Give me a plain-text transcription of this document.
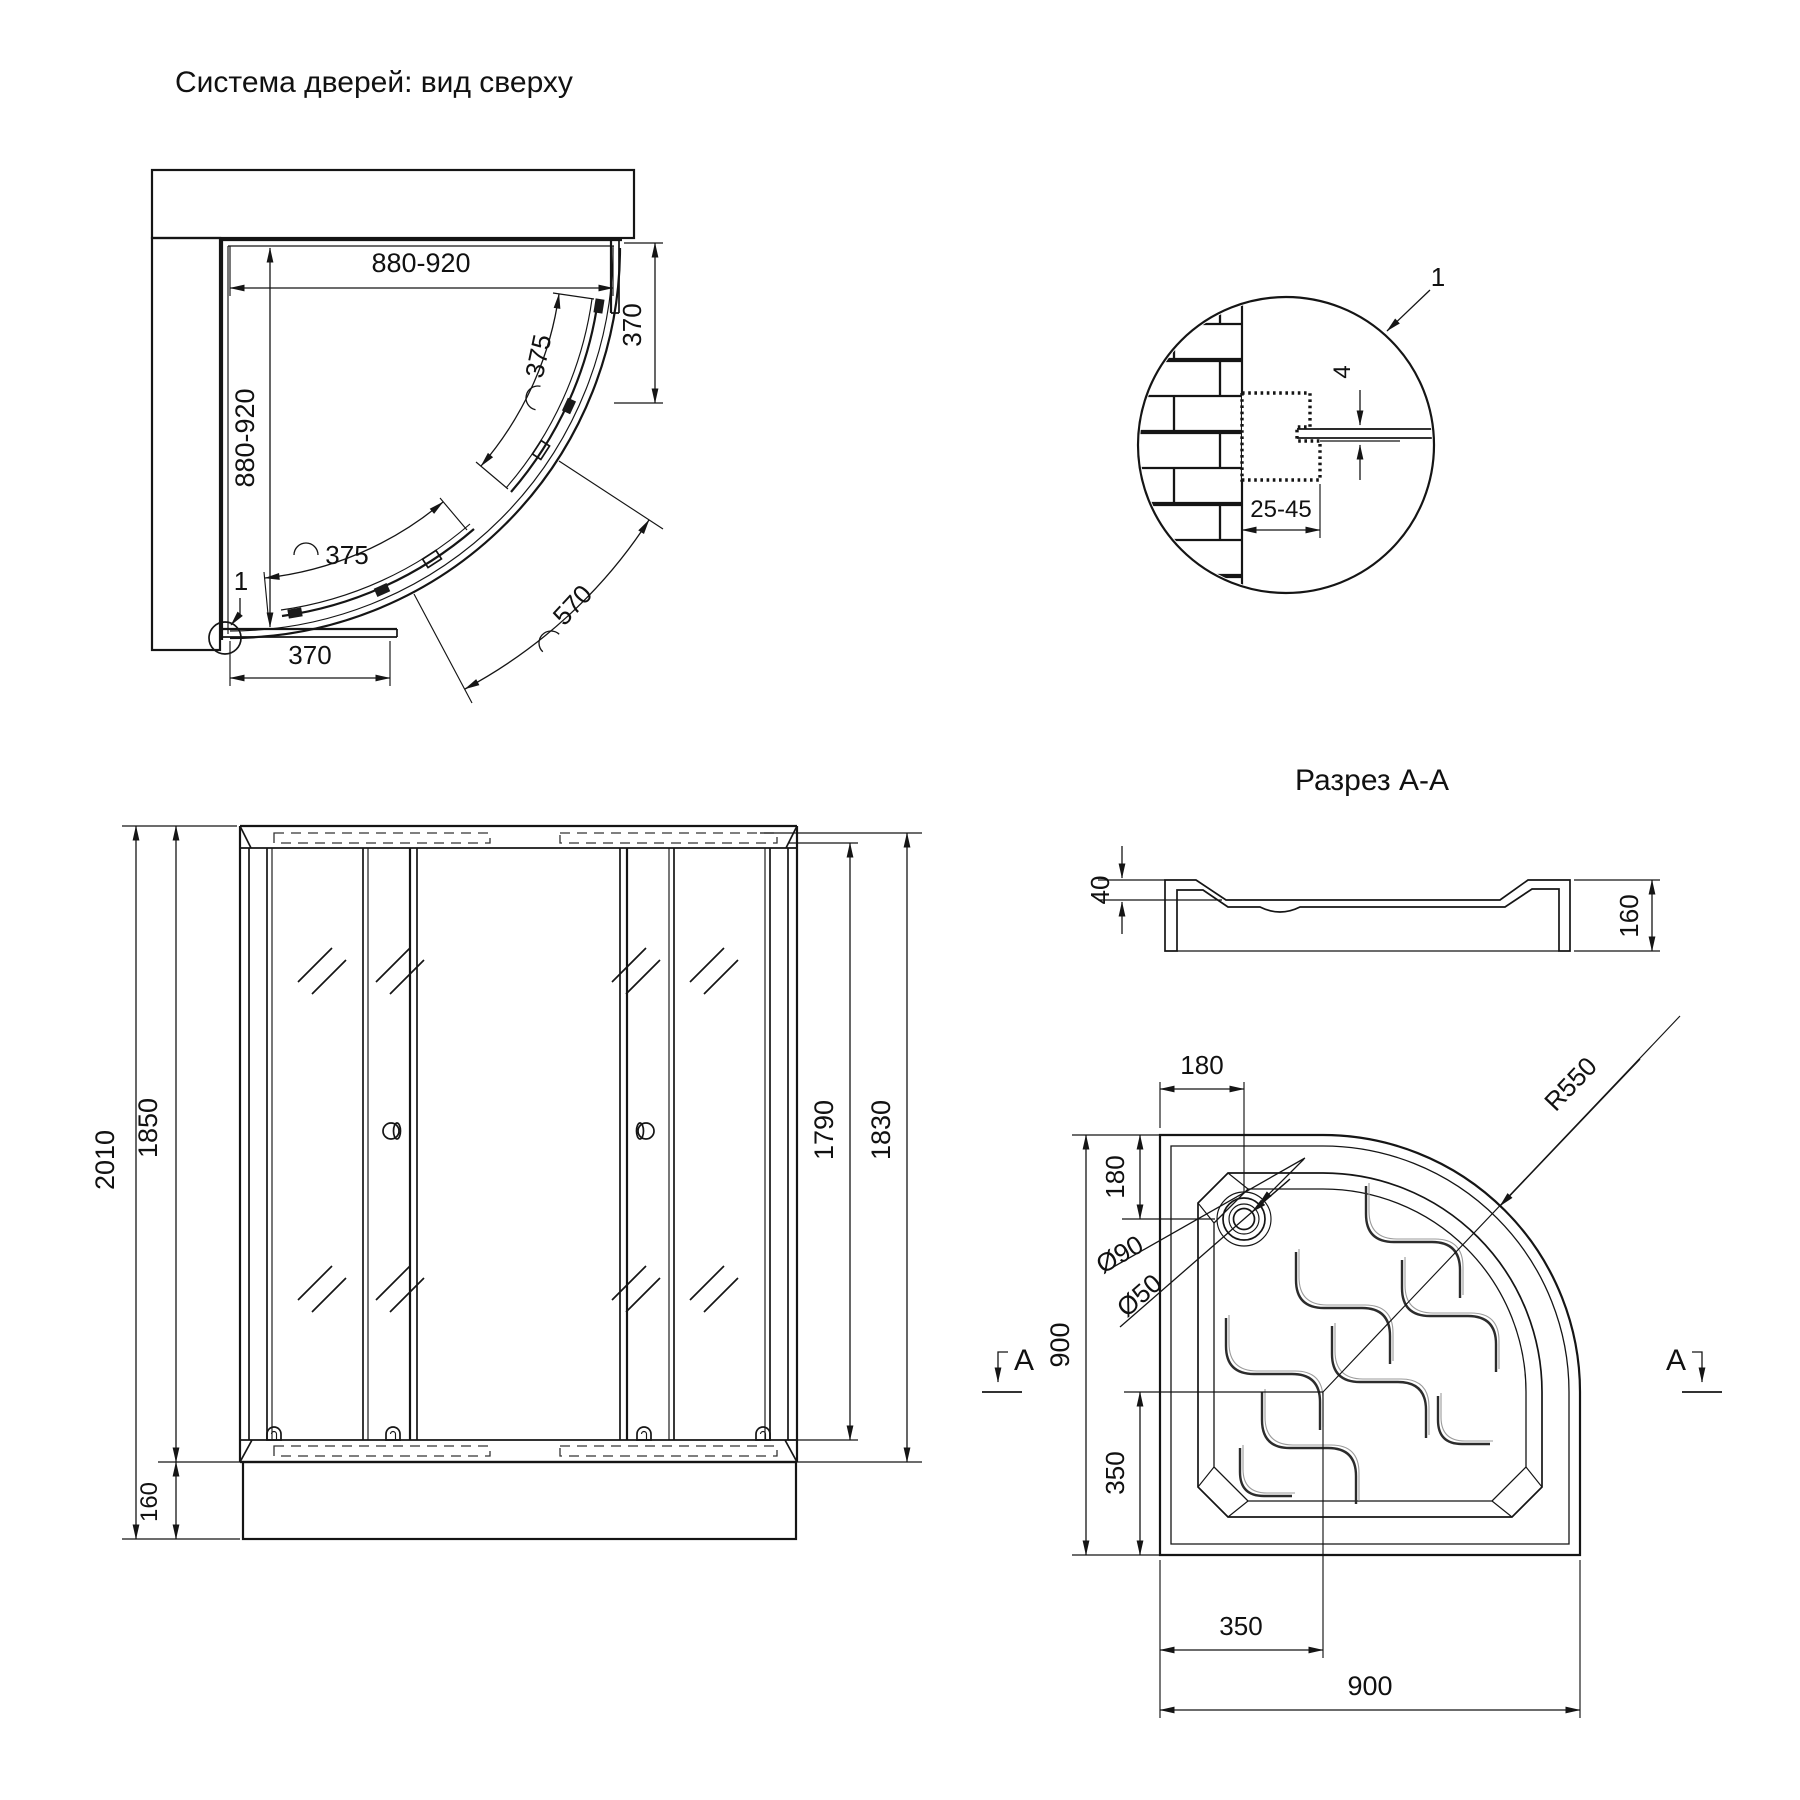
Система дверей: вид сверху
880-920
880-920
370
375
375
570
370
1
4
25-45
1
Разрез А-А
40
160
2010
1850
160
1790 1830
R550
180
180
900
350
350
900
Ø90
Ø50
A	A
